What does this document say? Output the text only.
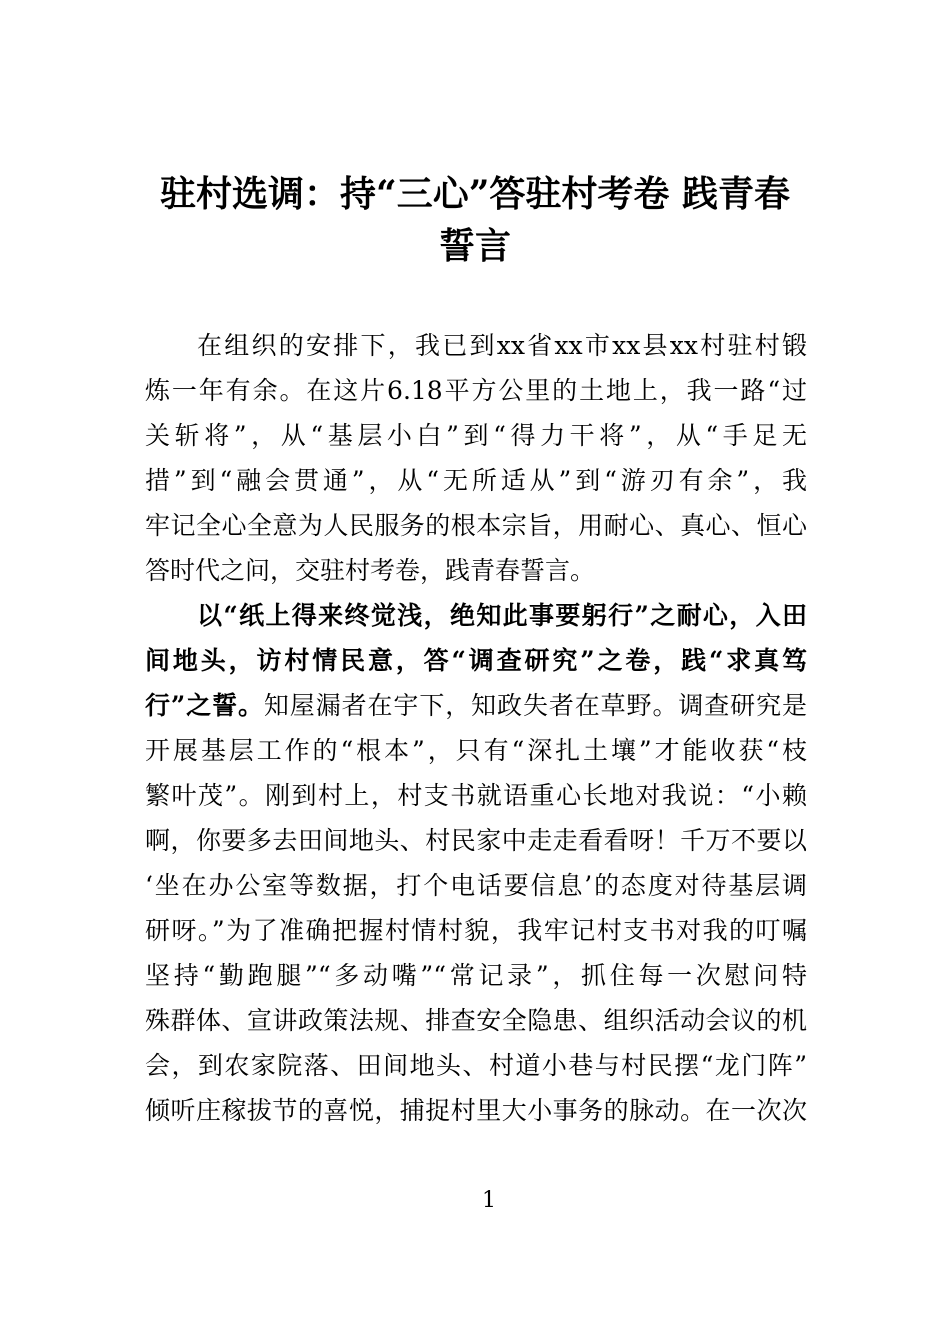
驻村选调：持“三心”答驻村考卷 践青春
誓言
在组织的安排下，我已到xx省xx市xx县xx村驻村锻
炼一年有余。在这片6.18平方公里的土地上，我一路“过
关斩将”，从“基层小白”到“得力干将”，从“手足无
措”到“融会贯通”，从“无所适从”到“游刃有余”，我
牢记全心全意为人民服务的根本宗旨，用耐心、真心、恒心
答时代之问，交驻村考卷，践青春誓言。
以“纸上得来终觉浅，绝知此事要躬行”之耐心，入田
间地头，访村情民意，答“调查研究”之卷，践“求真笃
行”之誓。知屋漏者在宇下，知政失者在草野。调查研究是
开展基层工作的“根本”，只有“深扎土壤”才能收获“枝
繁叶茂”。刚到村上，村支书就语重心长地对我说：“小赖
啊，你要多去田间地头、村民家中走走看看呀！千万不要以
‘坐在办公室等数据，打个电话要信息’的态度对待基层调
研呀。”为了准确把握村情村貌，我牢记村支书对我的叮嘱
坚持“勤跑腿”“多动嘴”“常记录”，抓住每一次慰问特
殊群体、宣讲政策法规、排查安全隐患、组织活动会议的机
会，到农家院落、田间地头、村道小巷与村民摆“龙门阵”
倾听庄稼拔节的喜悦，捕捉村里大小事务的脉动。在一次次
1
